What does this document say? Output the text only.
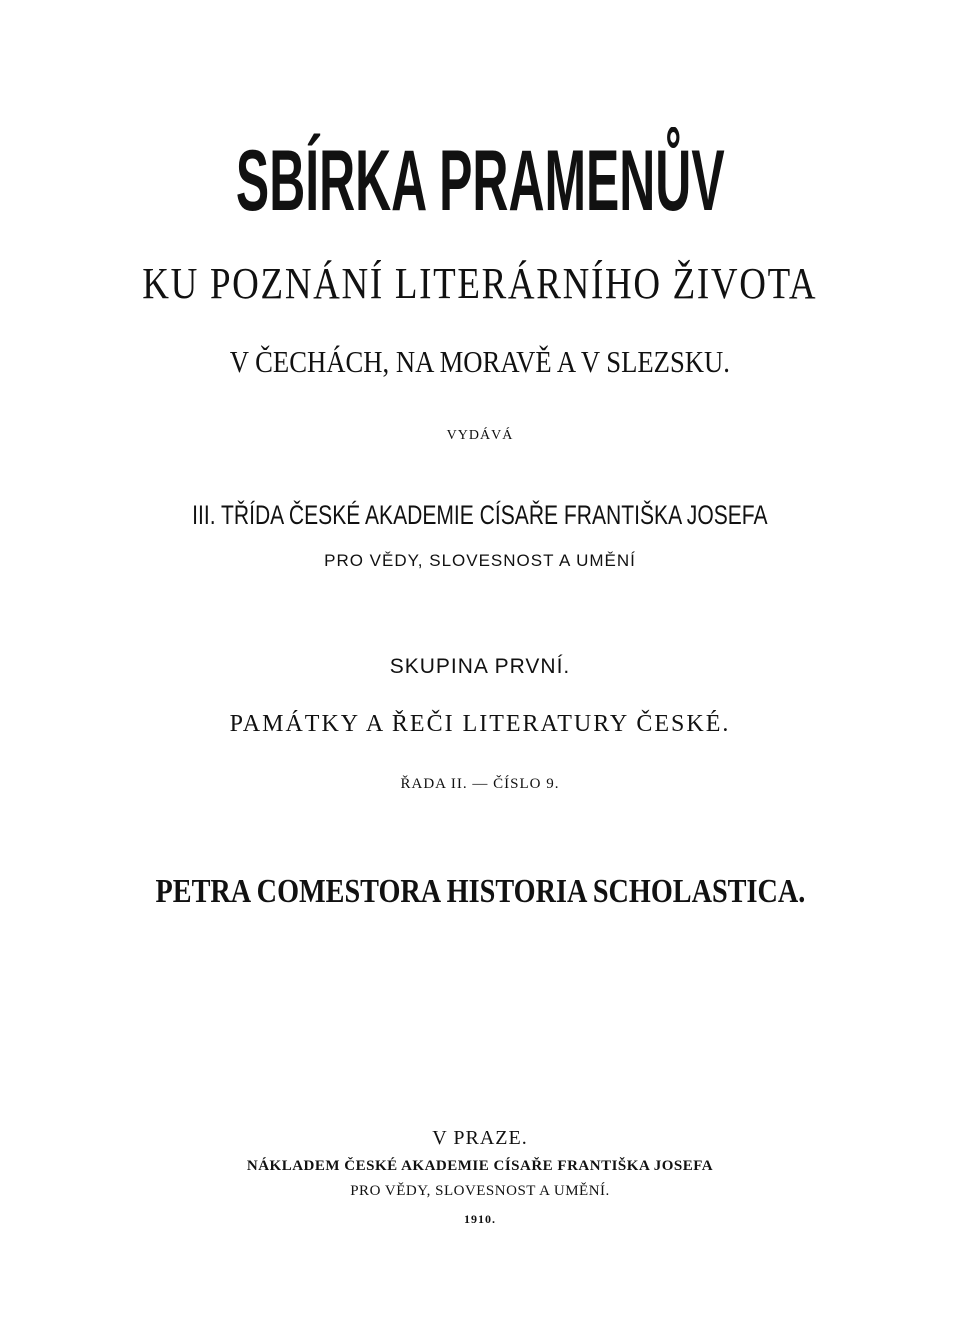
SBÍRKA PRAMENŮV
KU POZNÁNÍ LITERÁRNÍHO ŽIVOTA
V ČECHÁCH, NA MORAVĚ A V SLEZSKU.
VYDÁVÁ
III. TŘÍDA ČESKÉ AKADEMIE CÍSAŘE FRANTIŠKA JOSEFA
PRO VĚDY, SLOVESNOST A UMĚNÍ
SKUPINA PRVNÍ.
PAMÁTKY A ŘEČI LITERATURY ČESKÉ.
ŘADA II. — ČÍSLO 9.
PETRA COMESTORA HISTORIA SCHOLASTICA.
V PRAZE.
NÁKLADEM ČESKÉ AKADEMIE CÍSAŘE FRANTIŠKA JOSEFA
PRO VĚDY, SLOVESNOST A UMĚNÍ.
1910.
